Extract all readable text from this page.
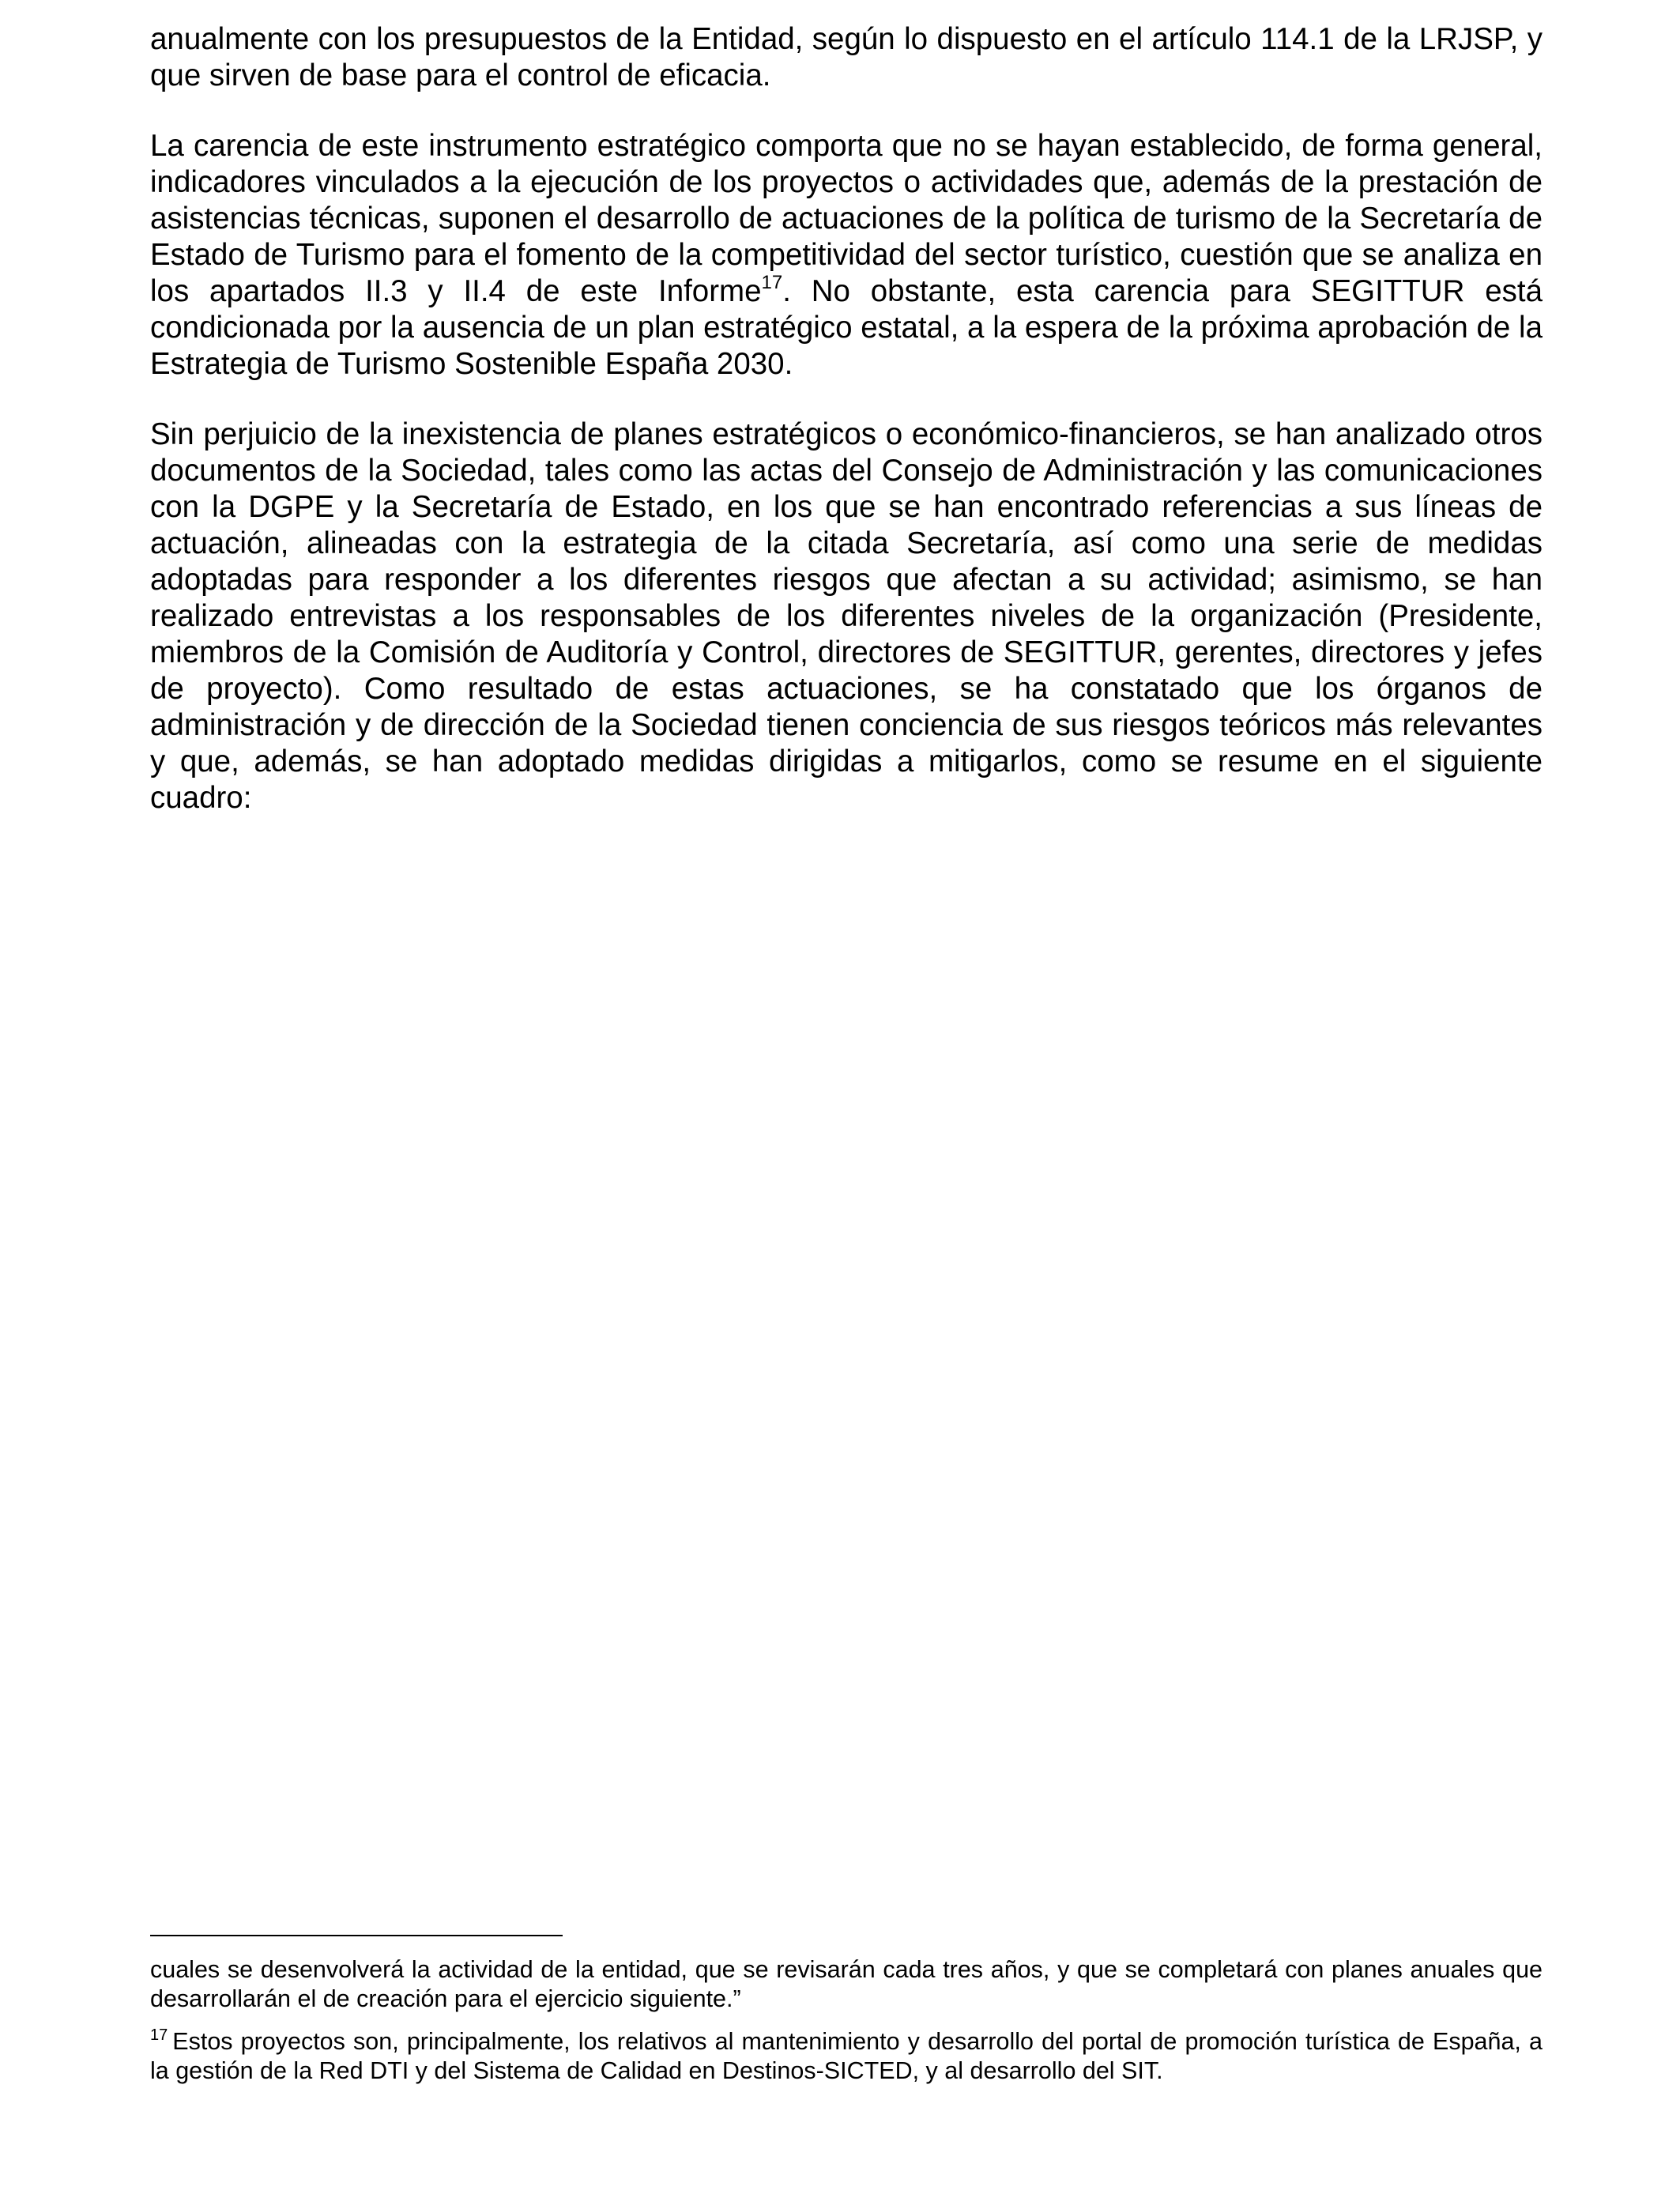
anualmente con los presupuestos de la Entidad, según lo dispuesto en el artículo 114.1 de la LRJSP, y que sirven de base para el control de eficacia.

La carencia de este instrumento estratégico comporta que no se hayan establecido, de forma general, indicadores vinculados a la ejecución de los proyectos o actividades que, además de la prestación de asistencias técnicas, suponen el desarrollo de actuaciones de la política de turismo de la Secretaría de Estado de Turismo para el fomento de la competitividad del sector turístico, cuestión que se analiza en los apartados II.3 y II.4 de este Informe$^{17}$. No obstante, esta carencia para SEGITTUR está condicionada por la ausencia de un plan estratégico estatal, a la espera de la próxima aprobación de la Estrategia de Turismo Sostenible España 2030.

Sin perjuicio de la inexistencia de planes estratégicos o económico-financieros, se han analizado otros documentos de la Sociedad, tales como las actas del Consejo de Administración y las comunicaciones con la DGPE y la Secretaría de Estado, en los que se han encontrado referencias a sus líneas de actuación, alineadas con la estrategia de la citada Secretaría, así como una serie de medidas adoptadas para responder a los diferentes riesgos que afectan a su actividad; asimismo, se han realizado entrevistas a los responsables de los diferentes niveles de la organización (Presidente, miembros de la Comisión de Auditoría y Control, directores de SEGITTUR, gerentes, directores y jefes de proyecto). Como resultado de estas actuaciones, se ha constatado que los órganos de administración y de dirección de la Sociedad tienen conciencia de sus riesgos teóricos más relevantes y que, además, se han adoptado medidas dirigidas a mitigarlos, como se resume en el siguiente cuadro:

cuales se desenvolverá la actividad de la entidad, que se revisarán cada tres años, y que se completará con planes anuales que desarrollarán el de creación para el ejercicio siguiente.”

$^{17}$ Estos proyectos son, principalmente, los relativos al mantenimiento y desarrollo del portal de promoción turística de España, a la gestión de la Red DTI y del Sistema de Calidad en Destinos-SICTED, y al desarrollo del SIT.
